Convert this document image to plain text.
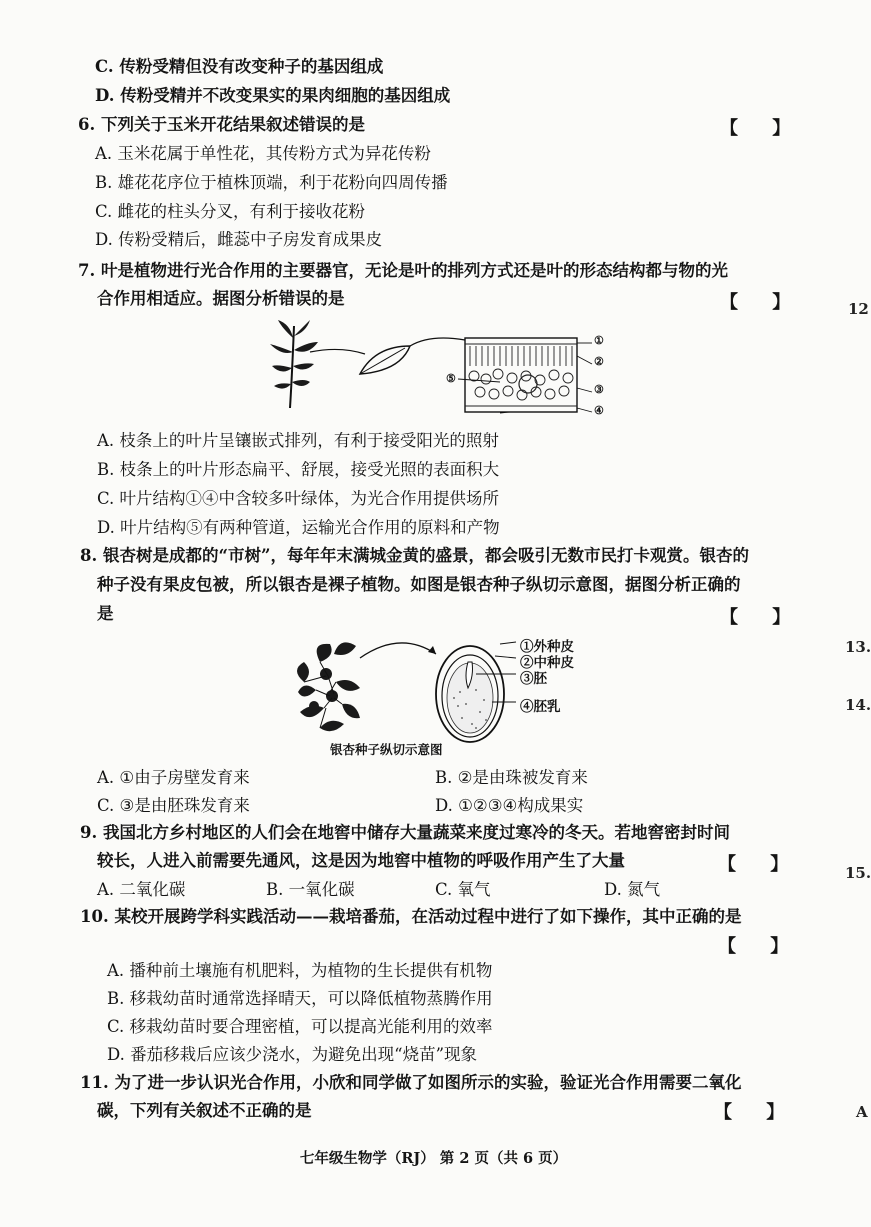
C. 传粉受精但没有改变种子的基因组成
D. 传粉受精并不改变果实的果肉细胞的基因组成
6. 下列关于玉米开花结果叙述错误的是	【 】
A. 玉米花属于单性花，其传粉方式为异花传粉
B. 雄花花序位于植株顶端，利于花粉向四周传播
C. 雌花的柱头分叉，有利于接收花粉
D. 传粉受精后，雌蕊中子房发育成果皮
7. 叶是植物进行光合作用的主要器官，无论是叶的排列方式还是叶的形态结构都与物的光
合作用相适应。据图分析错误的是	【 】
①
②
③
④
⑤
A. 枝条上的叶片呈镶嵌式排列，有利于接受阳光的照射
B. 枝条上的叶片形态扁平、舒展，接受光照的表面积大
C. 叶片结构①④中含较多叶绿体，为光合作用提供场所
D. 叶片结构⑤有两种管道，运输光合作用的原料和产物
8. 银杏树是成都的“市树”，每年年末满城金黄的盛景，都会吸引无数市民打卡观赏。银杏的
种子没有果皮包被，所以银杏是裸子植物。如图是银杏种子纵切示意图，据图分析正确的
是	【 】
①外种皮
②中种皮
③胚
④胚乳
银杏种子纵切示意图
A. ①由子房壁发育来	B. ②是由珠被发育来
C. ③是由胚珠发育来	D. ①②③④构成果实
9. 我国北方乡村地区的人们会在地窖中储存大量蔬菜来度过寒冷的冬天。若地窖密封时间
较长，人进入前需要先通风，这是因为地窖中植物的呼吸作用产生了大量	【 】
A. 二氧化碳	B. 一氧化碳	C. 氧气	D. 氮气
10. 某校开展跨学科实践活动——栽培番茄，在活动过程中进行了如下操作，其中正确的是
【 】
A. 播种前土壤施有机肥料，为植物的生长提供有机物
B. 移栽幼苗时通常选择晴天，可以降低植物蒸腾作用
C. 移栽幼苗时要合理密植，可以提高光能利用的效率
D. 番茄移栽后应该少浇水，为避免出现“烧苗”现象
11. 为了进一步认识光合作用，小欣和同学做了如图所示的实验，验证光合作用需要二氧化
碳，下列有关叙述不正确的是	【 】
12
13.
14.
15.
A
七年级生物学（RJ） 第 2 页（共 6 页）
